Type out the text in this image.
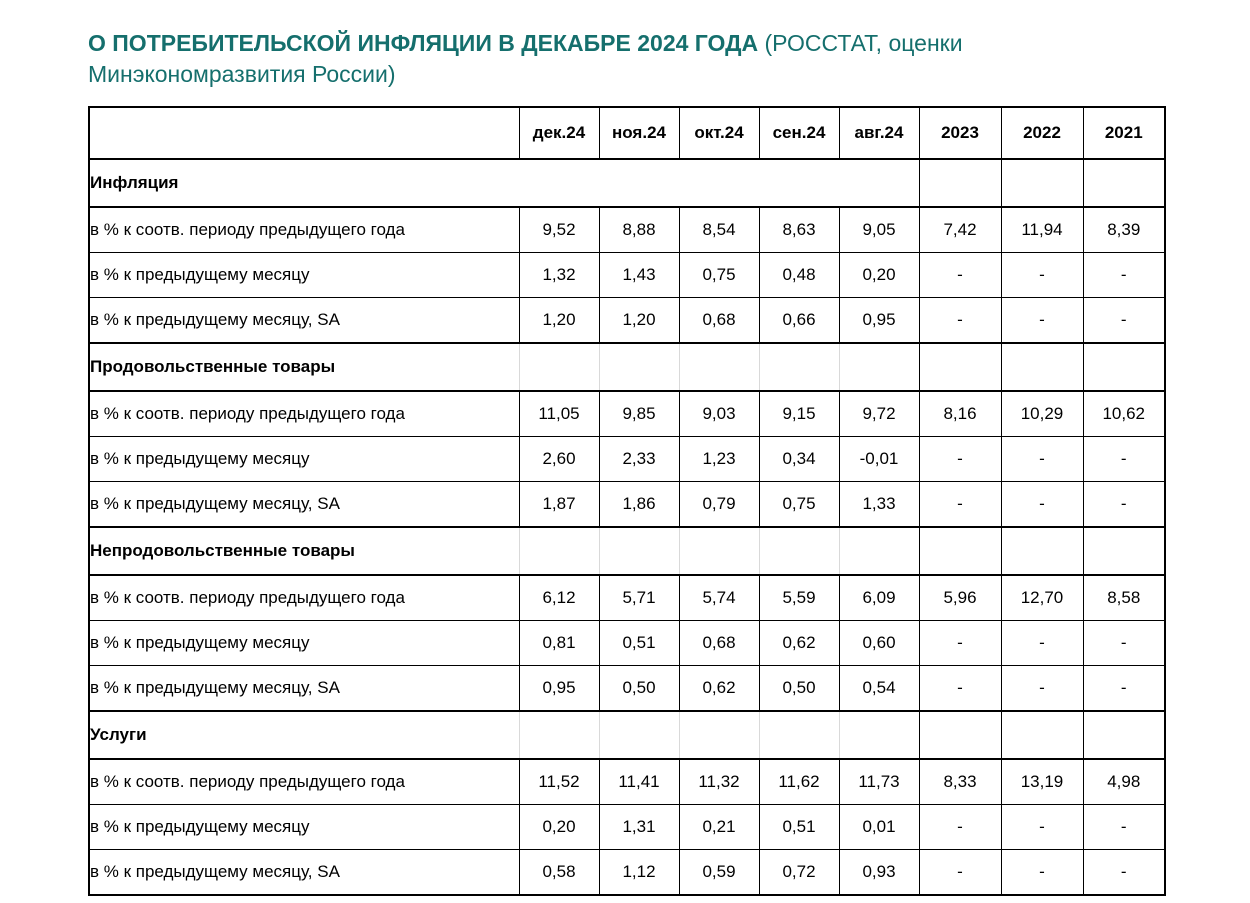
О ПОТРЕБИТЕЛЬСКОЙ ИНФЛЯЦИИ В ДЕКАБРЕ 2024 ГОДА (РОССТАТ, оценки Минэкономразвития России)
	дек.24	ноя.24	окт.24	сен.24	авг.24	2023	2022	2021
Инфляция								
в % к соотв. периоду предыдущего года	9,52	8,88	8,54	8,63	9,05	7,42	11,94	8,39
в % к предыдущему месяцу	1,32	1,43	0,75	0,48	0,20	-	-	-
в % к предыдущему месяцу, SA	1,20	1,20	0,68	0,66	0,95	-	-	-
Продовольственные товары								
в % к соотв. периоду предыдущего года	11,05	9,85	9,03	9,15	9,72	8,16	10,29	10,62
в % к предыдущему месяцу	2,60	2,33	1,23	0,34	-0,01	-	-	-
в % к предыдущему месяцу, SA	1,87	1,86	0,79	0,75	1,33	-	-	-
Непродовольственные товары								
в % к соотв. периоду предыдущего года	6,12	5,71	5,74	5,59	6,09	5,96	12,70	8,58
в % к предыдущему месяцу	0,81	0,51	0,68	0,62	0,60	-	-	-
в % к предыдущему месяцу, SA	0,95	0,50	0,62	0,50	0,54	-	-	-
Услуги								
в % к соотв. периоду предыдущего года	11,52	11,41	11,32	11,62	11,73	8,33	13,19	4,98
в % к предыдущему месяцу	0,20	1,31	0,21	0,51	0,01	-	-	-
в % к предыдущему месяцу, SA	0,58	1,12	0,59	0,72	0,93	-	-	-
